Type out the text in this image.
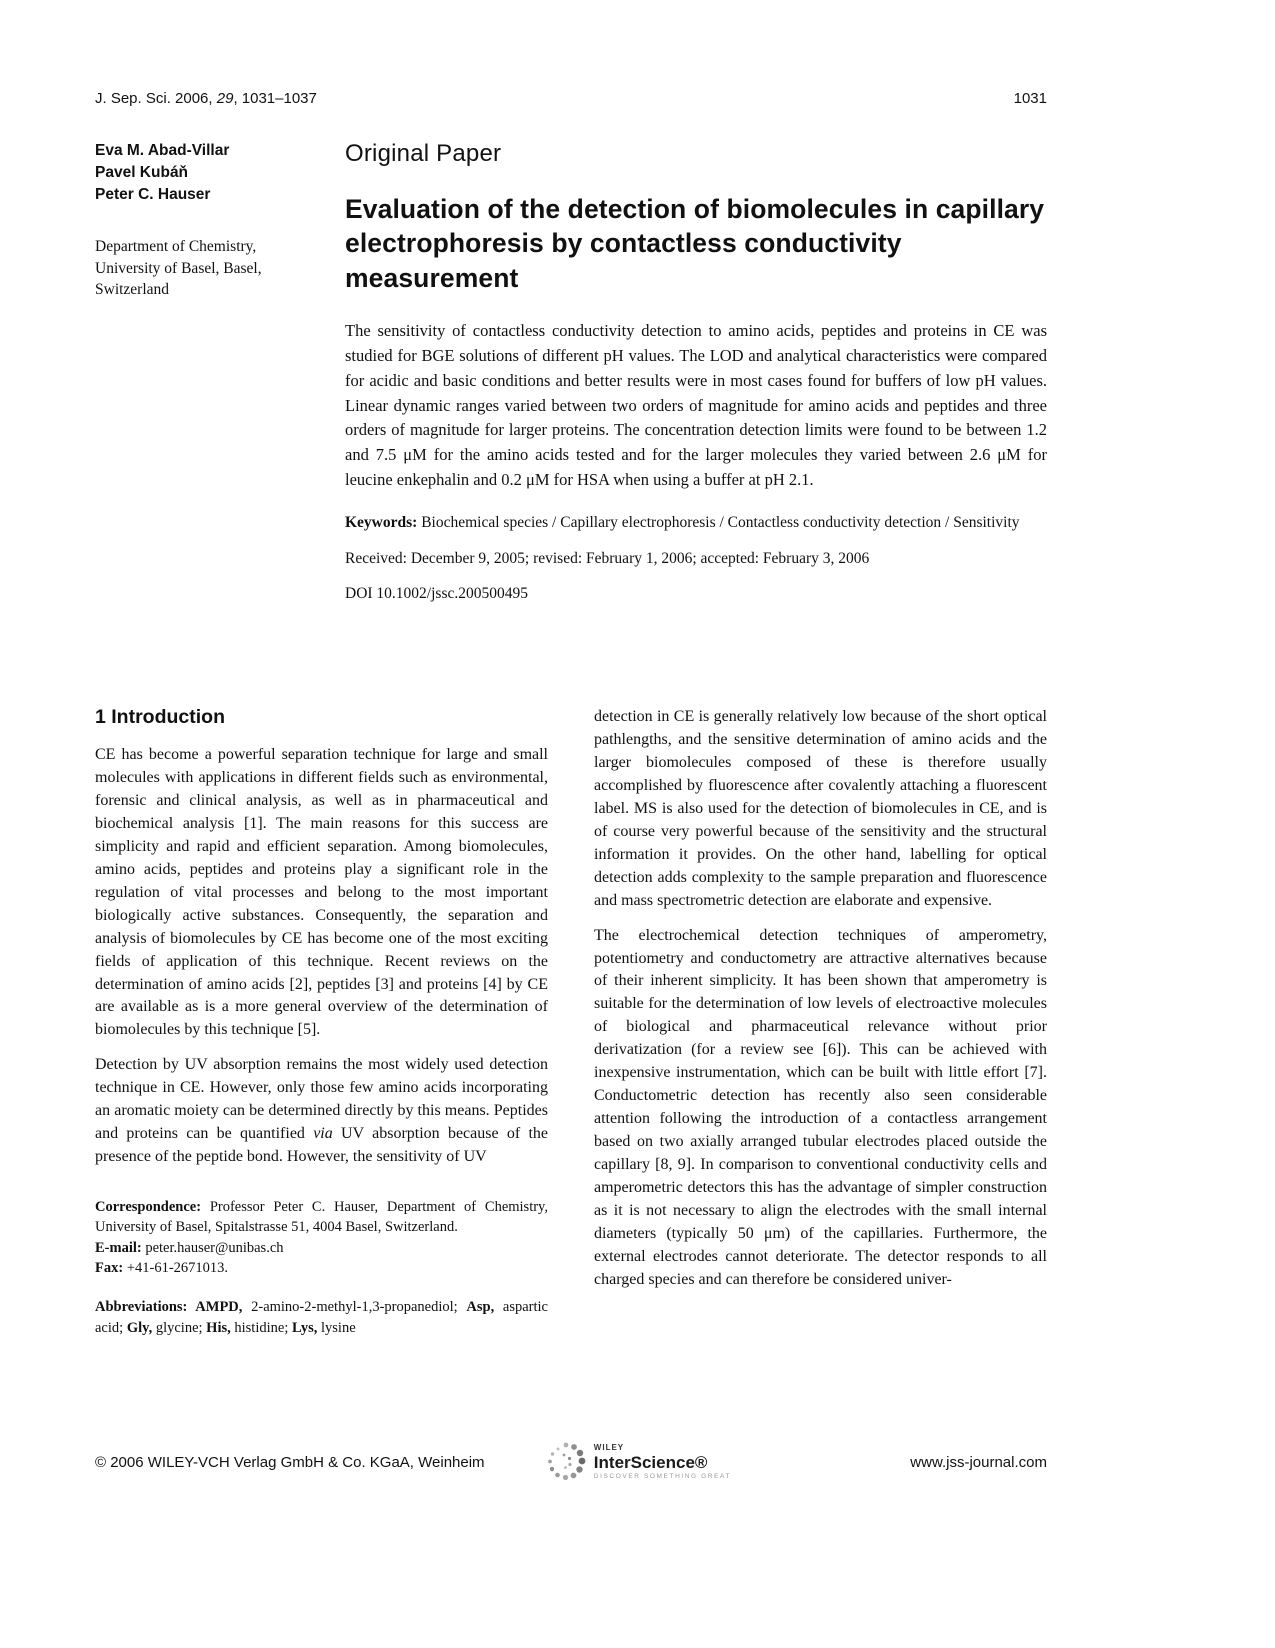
J. Sep. Sci. 2006, 29, 1031–1037	1031
Eva M. Abad-Villar
Pavel Kubáň
Peter C. Hauser
Department of Chemistry, University of Basel, Basel, Switzerland
Original Paper
Evaluation of the detection of biomolecules in capillary electrophoresis by contactless conductivity measurement

The sensitivity of contactless conductivity detection to amino acids, peptides and proteins in CE was studied for BGE solutions of different pH values. The LOD and analytical characteristics were compared for acidic and basic conditions and better results were in most cases found for buffers of low pH values. Linear dynamic ranges varied between two orders of magnitude for amino acids and peptides and three orders of magnitude for larger proteins. The concentration detection limits were found to be between 1.2 and 7.5 μM for the amino acids tested and for the larger molecules they varied between 2.6 μM for leucine enkephalin and 0.2 μM for HSA when using a buffer at pH 2.1.

Keywords: Biochemical species / Capillary electrophoresis / Contactless conductivity detection / Sensitivity

Received: December 9, 2005; revised: February 1, 2006; accepted: February 3, 2006

DOI 10.1002/jssc.200500495

1 Introduction

CE has become a powerful separation technique for large and small molecules with applications in different fields such as environmental, forensic and clinical analysis, as well as in pharmaceutical and biochemical analysis [1]. The main reasons for this success are simplicity and rapid and efficient separation. Among biomolecules, amino acids, peptides and proteins play a significant role in the regulation of vital processes and belong to the most important biologically active substances. Consequently, the separation and analysis of biomolecules by CE has become one of the most exciting fields of application of this technique. Recent reviews on the determination of amino acids [2], peptides [3] and proteins [4] by CE are available as is a more general overview of the determination of biomolecules by this technique [5].

Detection by UV absorption remains the most widely used detection technique in CE. However, only those few amino acids incorporating an aromatic moiety can be determined directly by this means. Peptides and proteins can be quantified via UV absorption because of the presence of the peptide bond. However, the sensitivity of UV

Correspondence: Professor Peter C. Hauser, Department of Chemistry, University of Basel, Spitalstrasse 51, 4004 Basel, Switzerland.
E-mail: peter.hauser@unibas.ch
Fax: +41-61-2671013.
Abbreviations: AMPD, 2-amino-2-methyl-1,3-propanediol; Asp, aspartic acid; Gly, glycine; His, histidine; Lys, lysine

detection in CE is generally relatively low because of the short optical pathlengths, and the sensitive determination of amino acids and the larger biomolecules composed of these is therefore usually accomplished by fluorescence after covalently attaching a fluorescent label. MS is also used for the detection of biomolecules in CE, and is of course very powerful because of the sensitivity and the structural information it provides. On the other hand, labelling for optical detection adds complexity to the sample preparation and fluorescence and mass spectrometric detection are elaborate and expensive.

The electrochemical detection techniques of amperometry, potentiometry and conductometry are attractive alternatives because of their inherent simplicity. It has been shown that amperometry is suitable for the determination of low levels of electroactive molecules of biological and pharmaceutical relevance without prior derivatization (for a review see [6]). This can be achieved with inexpensive instrumentation, which can be built with little effort [7]. Conductometric detection has recently also seen considerable attention following the introduction of a contactless arrangement based on two axially arranged tubular electrodes placed outside the capillary [8, 9]. In comparison to conventional conductivity cells and amperometric detectors this has the advantage of simpler construction as it is not necessary to align the electrodes with the small internal diameters (typically 50 μm) of the capillaries. Furthermore, the external electrodes cannot deteriorate. The detector responds to all charged species and can therefore be considered univer-

© 2006 WILEY-VCH Verlag GmbH & Co. KGaA, Weinheim
WILEY
InterScience®
DISCOVER SOMETHING GREAT
www.jss-journal.com
